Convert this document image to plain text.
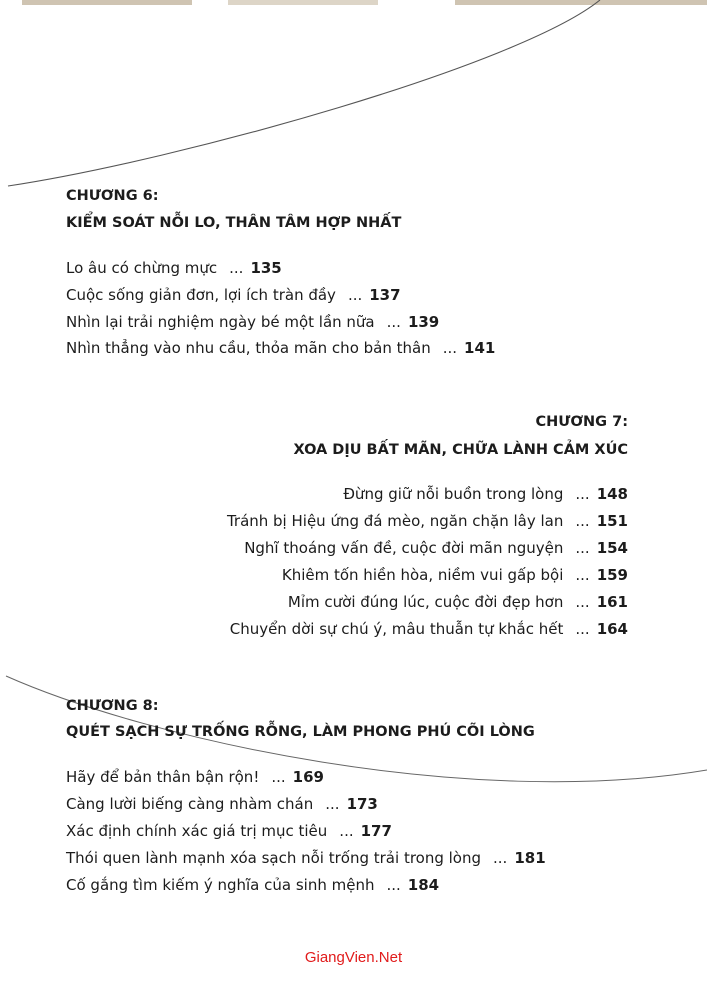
CHƯƠNG 6:
KIỂM SOÁT NỖI LO, THÂN TÂM HỢP NHẤT
Lo âu có chừng mực ... 135
Cuộc sống giản đơn, lợi ích tràn đầy ... 137
Nhìn lại trải nghiệm ngày bé một lần nữa ... 139
Nhìn thẳng vào nhu cầu, thỏa mãn cho bản thân ... 141
CHƯƠNG 7:
XOA DỊU BẤT MÃN, CHỮA LÀNH CẢM XÚC
Đừng giữ nỗi buồn trong lòng ... 148
Tránh bị Hiệu ứng đá mèo, ngăn chặn lây lan ... 151
Nghĩ thoáng vấn đề, cuộc đời mãn nguyện ... 154
Khiêm tốn hiền hòa, niềm vui gấp bội ... 159
Mỉm cười đúng lúc, cuộc đời đẹp hơn ... 161
Chuyển dời sự chú ý, mâu thuẫn tự khắc hết ... 164
CHƯƠNG 8:
QUÉT SẠCH SỰ TRỐNG RỖNG, LÀM PHONG PHÚ CÕI LÒNG
Hãy để bản thân bận rộn! ... 169
Càng lười biếng càng nhàm chán ... 173
Xác định chính xác giá trị mục tiêu ... 177
Thói quen lành mạnh xóa sạch nỗi trống trải trong lòng ... 181
Cố gắng tìm kiếm ý nghĩa của sinh mệnh ... 184
GiangVien.Net
